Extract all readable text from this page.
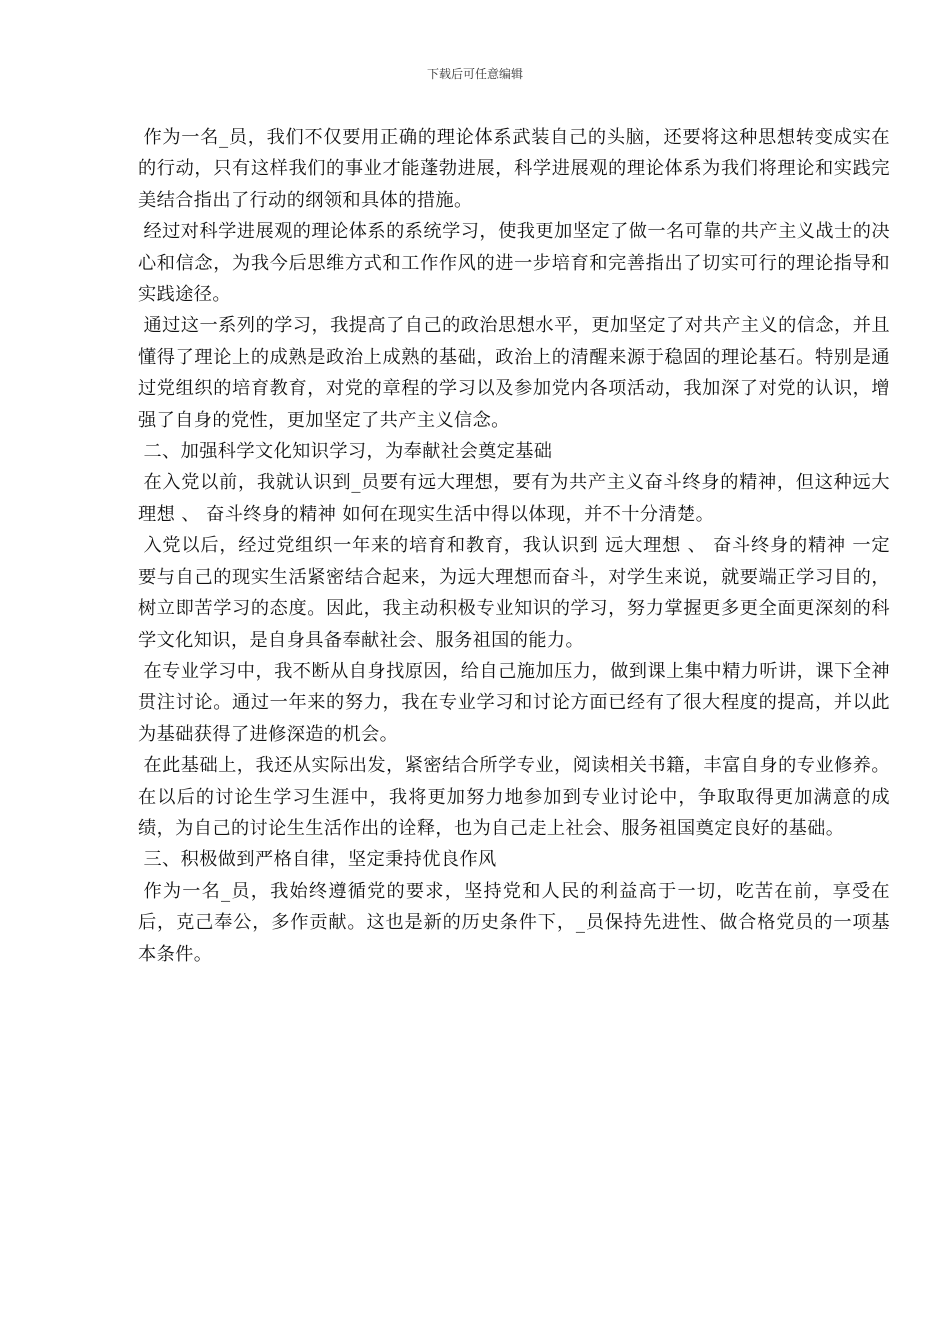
下载后可任意编辑

作为一名_员，我们不仅要用正确的理论体系武装自己的头脑，还要将这种思想转变成实在的行动，只有这样我们的事业才能蓬勃进展，科学进展观的理论体系为我们将理论和实践完美结合指出了行动的纲领和具体的措施。

经过对科学进展观的理论体系的系统学习，使我更加坚定了做一名可靠的共产主义战士的决心和信念，为我今后思维方式和工作作风的进一步培育和完善指出了切实可行的理论指导和实践途径。

通过这一系列的学习，我提高了自己的政治思想水平，更加坚定了对共产主义的信念，并且懂得了理论上的成熟是政治上成熟的基础，政治上的清醒来源于稳固的理论基石。特别是通过党组织的培育教育，对党的章程的学习以及参加党内各项活动，我加深了对党的认识，增强了自身的党性，更加坚定了共产主义信念。

二、加强科学文化知识学习，为奉献社会奠定基础

在入党以前，我就认识到_员要有远大理想，要有为共产主义奋斗终身的精神，但这种远大理想 、 奋斗终身的精神 如何在现实生活中得以体现，并不十分清楚。

入党以后，经过党组织一年来的培育和教育，我认识到 远大理想 、 奋斗终身的精神 一定要与自己的现实生活紧密结合起来，为远大理想而奋斗，对学生来说，就要端正学习目的，树立即苦学习的态度。因此，我主动积极专业知识的学习，努力掌握更多更全面更深刻的科学文化知识，是自身具备奉献社会、服务祖国的能力。

在专业学习中，我不断从自身找原因，给自己施加压力，做到课上集中精力听讲，课下全神贯注讨论。通过一年来的努力，我在专业学习和讨论方面已经有了很大程度的提高，并以此为基础获得了进修深造的机会。

在此基础上，我还从实际出发，紧密结合所学专业，阅读相关书籍，丰富自身的专业修养。在以后的讨论生学习生涯中，我将更加努力地参加到专业讨论中，争取取得更加满意的成绩，为自己的讨论生生活作出的诠释，也为自己走上社会、服务祖国奠定良好的基础。

三、积极做到严格自律，坚定秉持优良作风

作为一名_员，我始终遵循党的要求，坚持党和人民的利益高于一切，吃苦在前，享受在后，克己奉公，多作贡献。这也是新的历史条件下，_员保持先进性、做合格党员的一项基本条件。
